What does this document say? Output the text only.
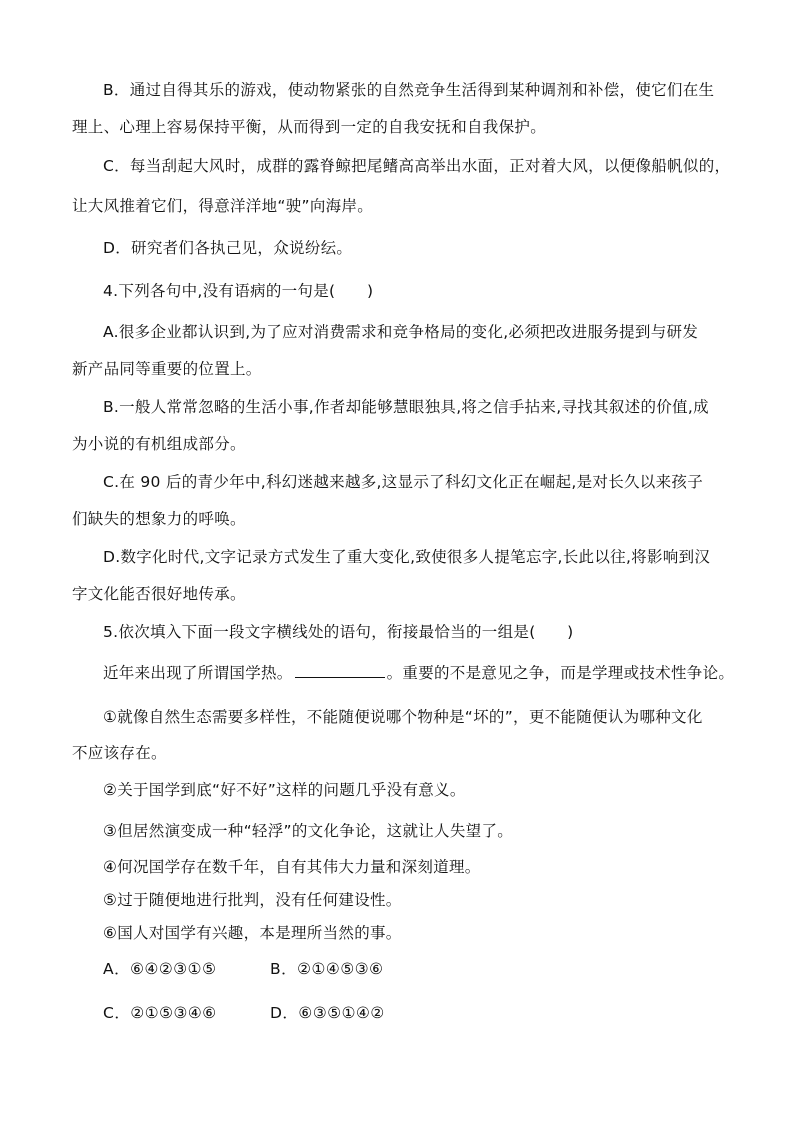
B．通过自得其乐的游戏，使动物紧张的自然竞争生活得到某种调剂和补偿，使它们在生
理上、心理上容易保持平衡，从而得到一定的自我安抚和自我保护。
C．每当刮起大风时，成群的露脊鲸把尾鳍高高举出水面，正对着大风，以便像船帆似的，
让大风推着它们，得意洋洋地“驶”向海岸。
D．研究者们各执己见，众说纷纭。
4.下列各句中,没有语病的一句是(　　)
A.很多企业都认识到,为了应对消费需求和竞争格局的变化,必须把改进服务提到与研发
新产品同等重要的位置上。
B.一般人常常忽略的生活小事,作者却能够慧眼独具,将之信手拈来,寻找其叙述的价值,成
为小说的有机组成部分。
C.在 90 后的青少年中,科幻迷越来越多,这显示了科幻文化正在崛起,是对长久以来孩子
们缺失的想象力的呼唤。
D.数字化时代,文字记录方式发生了重大变化,致使很多人提笔忘字,长此以往,将影响到汉
字文化能否很好地传承。
5.依次填入下面一段文字横线处的语句，衔接最恰当的一组是(　　)
近年来出现了所谓国学热。	。重要的不是意见之争，而是学理或技术性争论。
①就像自然生态需要多样性，不能随便说哪个物种是“坏的”，更不能随便认为哪种文化
不应该存在。
②关于国学到底“好不好”这样的问题几乎没有意义。
③但居然演变成一种“轻浮”的文化争论，这就让人失望了。
④何况国学存在数千年，自有其伟大力量和深刻道理。
⑤过于随便地进行批判，没有任何建设性。
⑥国人对国学有兴趣，本是理所当然的事。
A．⑥④②③①⑤	B．②①④⑤③⑥
C．②①⑤③④⑥	D．⑥③⑤①④②
